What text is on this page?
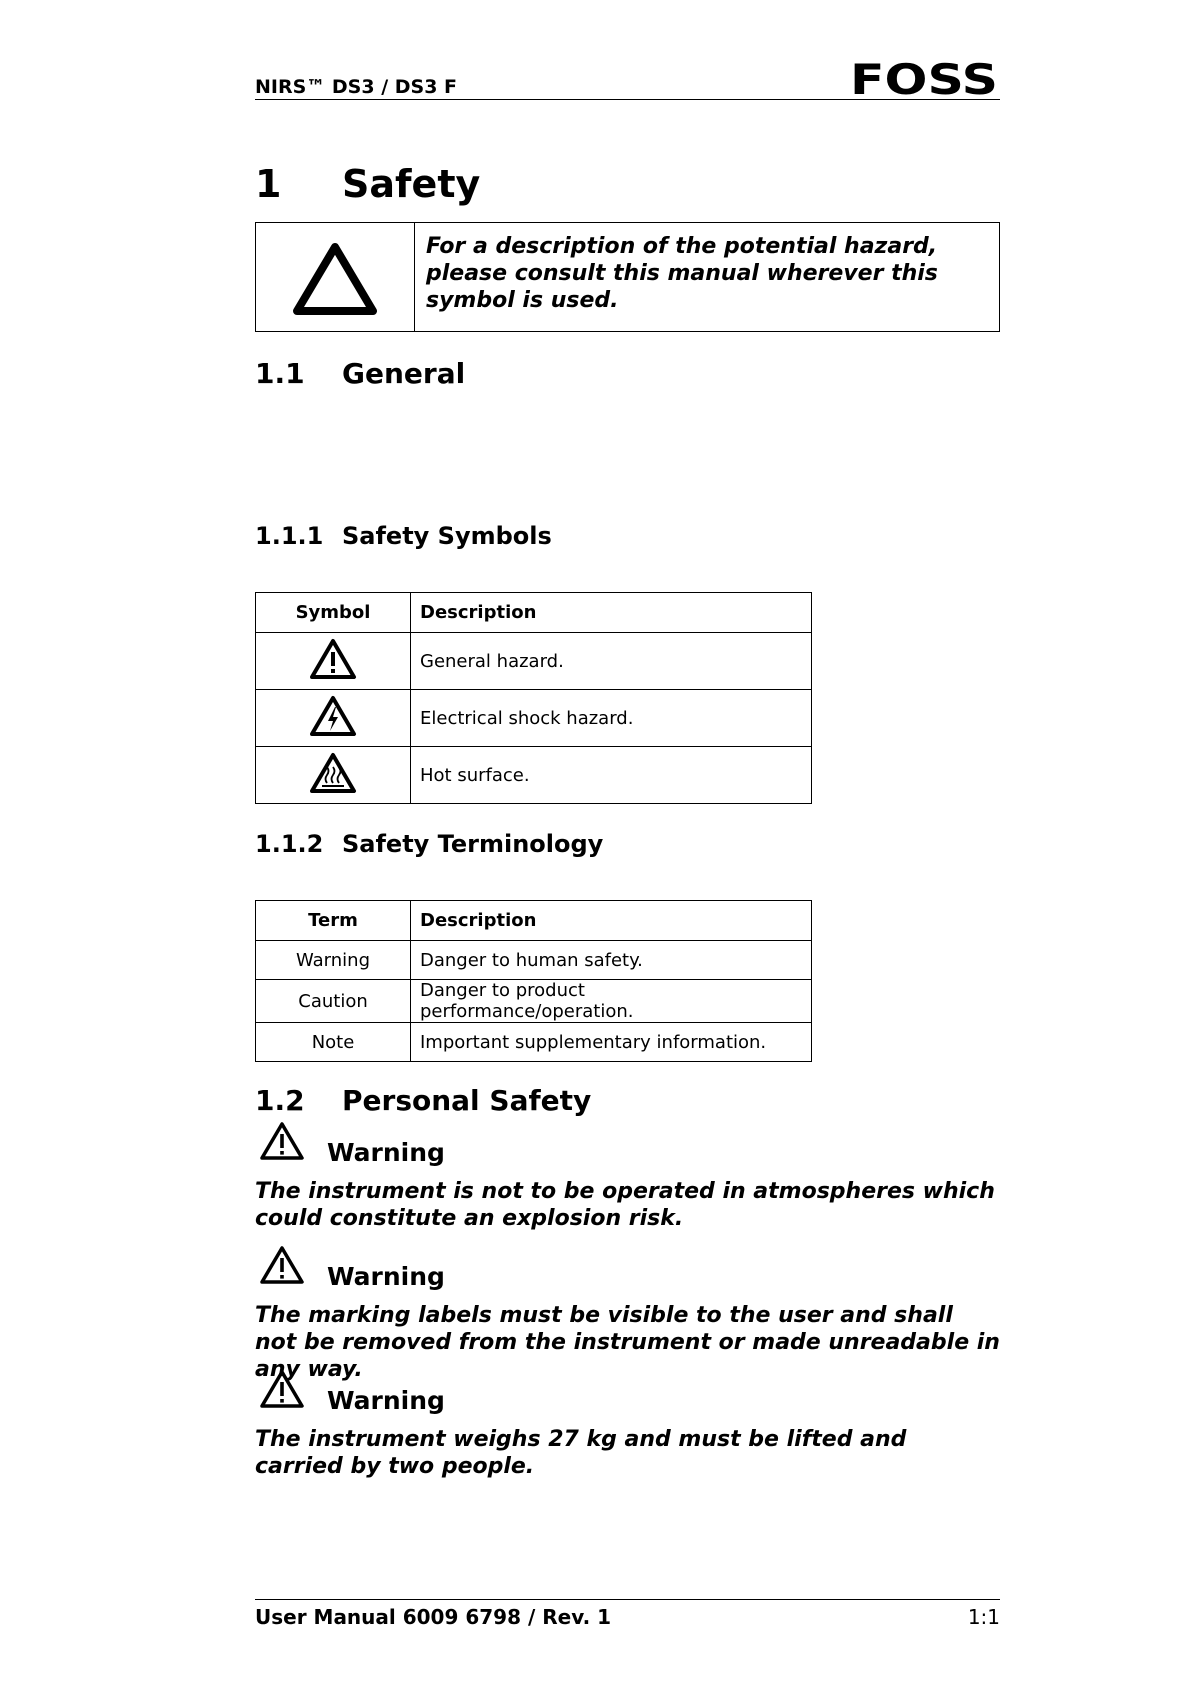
NIRS™ DS3 / DS3 F	FOSS
1 Safety
For a description of the potential hazard, please consult this manual wherever this symbol is used.
1.1 General
1.1.1 Safety Symbols
Symbol	Description
	General hazard.
	Electrical shock hazard.
	Hot surface.
1.1.2 Safety Terminology
Term	Description
Warning	Danger to human safety.
Caution	Danger to product performance/operation.
Note	Important supplementary information.
1.2 Personal Safety
Warning
The instrument is not to be operated in atmospheres which could constitute an explosion risk.
Warning
The marking labels must be visible to the user and shall not be removed from the instrument or made unreadable in any way.
Warning
The instrument weighs 27 kg and must be lifted and carried by two people.
User Manual 6009 6798 / Rev. 1	1:1
